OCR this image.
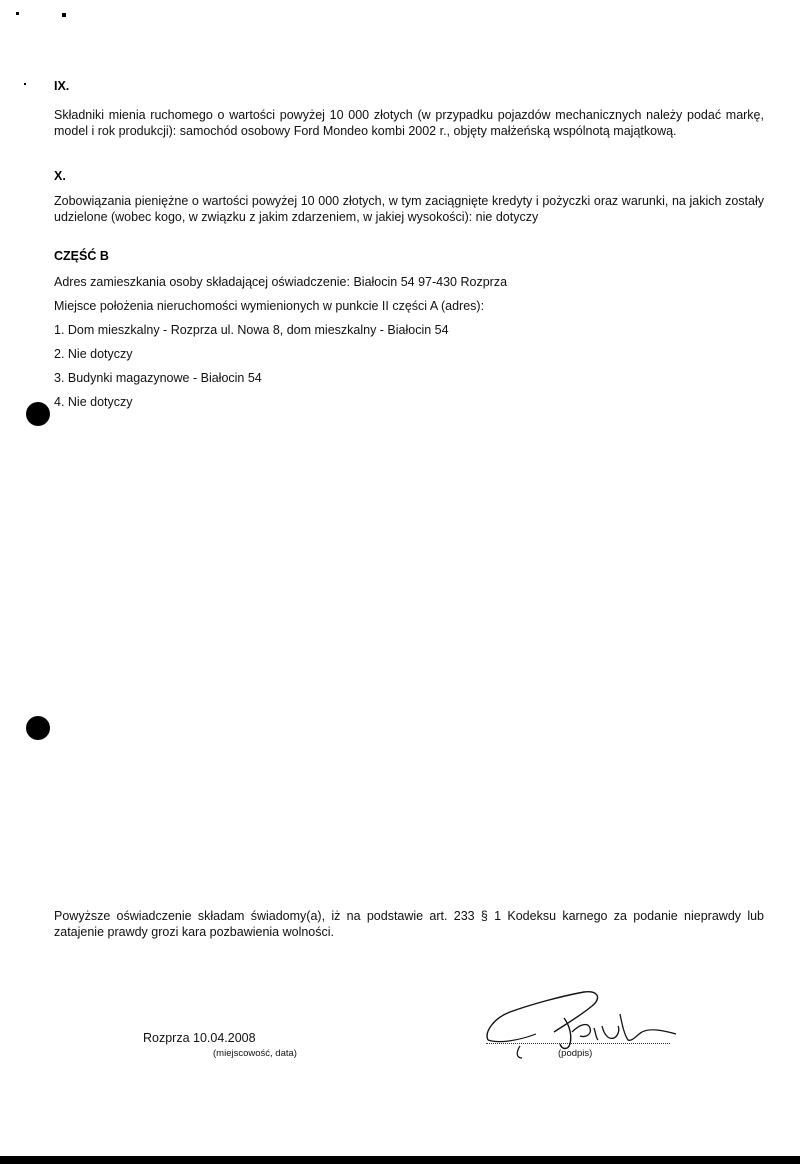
IX.
Składniki mienia ruchomego o wartości powyżej 10 000 złotych (w przypadku pojazdów mechanicznych należy podać markę, model i rok produkcji): samochód osobowy Ford Mondeo kombi 2002 r., objęty małżeńską wspólnotą majątkową.
X.
Zobowiązania pieniężne o wartości powyżej 10 000 złotych, w tym zaciągnięte kredyty i pożyczki oraz warunki, na jakich zostały udzielone (wobec kogo, w związku z jakim zdarzeniem, w jakiej wysokości): nie dotyczy
CZĘŚĆ B
Adres zamieszkania osoby składającej oświadczenie: Białocin 54 97-430 Rozprza
Miejsce położenia nieruchomości wymienionych w punkcie II części A (adres):
1. Dom mieszkalny - Rozprza ul. Nowa 8, dom mieszkalny - Białocin 54
2. Nie dotyczy
3. Budynki magazynowe - Białocin 54
4. Nie dotyczy
Powyższe oświadczenie składam świadomy(a), iż na podstawie art. 233 § 1 Kodeksu karnego za podanie nieprawdy lub zatajenie prawdy grozi kara pozbawienia wolności.
Rozprza 10.04.2008
(miejscowość, data)	(podpis)
